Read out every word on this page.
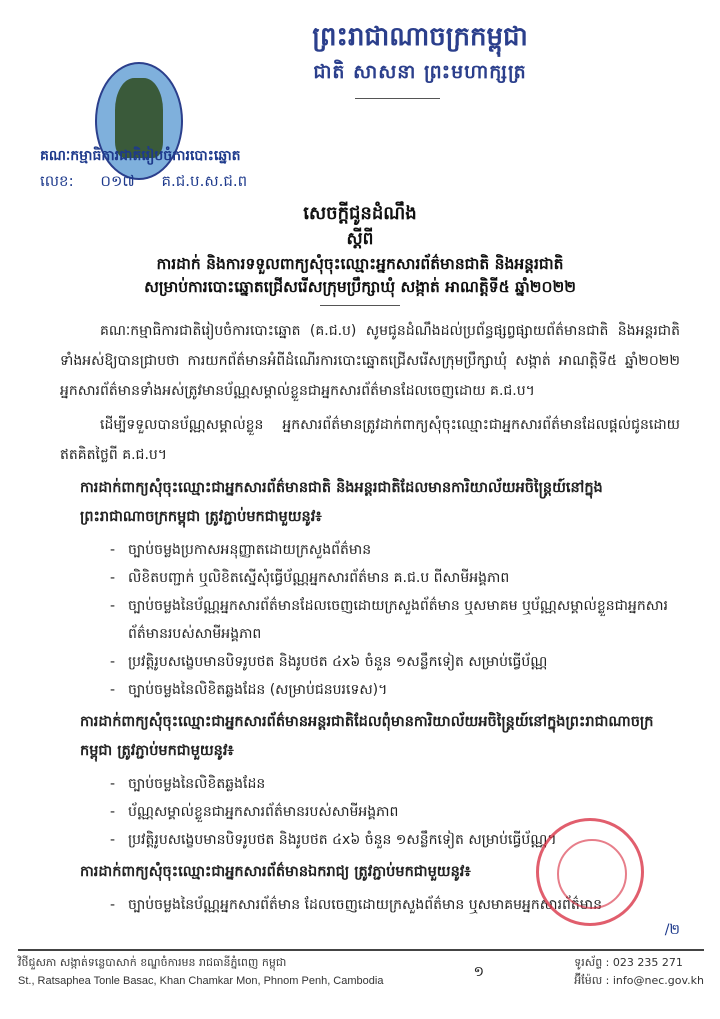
ព្រះរាជាណាចក្រកម្ពុជា
ជាតិ សាសនា ព្រះមហាក្សត្រ
គណៈកម្មាធិការជាតិរៀបចំការបោះឆ្នោត
លេខ: ០១៧ គ.ជ.ប.ស.ជ.ព
សេចក្តីជូនដំណឹង
ស្តីពី
ការដាក់ និងការទទួលពាក្យសុំចុះឈ្មោះអ្នកសារព័ត៌មានជាតិ និងអន្តរជាតិ
សម្រាប់ការបោះឆ្នោតជ្រើសរើសក្រុមប្រឹក្សាឃុំ សង្កាត់ អាណត្តិទី៥ ឆ្នាំ២០២២
គណៈកម្មាធិការជាតិរៀបចំការបោះឆ្នោត (គ.ជ.ប) សូមជូនដំណឹងដល់ប្រព័ន្ធផ្សព្វផ្សាយព័ត៌មានជាតិ និងអន្តរជាតិទាំងអស់ឱ្យបានជ្រាបថា ការយកព័ត៌មានអំពីដំណើរការបោះឆ្នោតជ្រើសរើសក្រុមប្រឹក្សាឃុំ សង្កាត់ អាណត្តិទី៥ ឆ្នាំ២០២២ អ្នកសារព័ត៌មានទាំងអស់ត្រូវមានប័ណ្ណសម្គាល់ខ្លួនជាអ្នកសារព័ត៌មានដែលចេញដោយ គ.ជ.ប។
ដើម្បីទទួលបានប័ណ្ណសម្គាល់ខ្លួន អ្នកសារព័ត៌មានត្រូវដាក់ពាក្យសុំចុះឈ្មោះជាអ្នកសារព័ត៌មានដែលផ្តល់ជូនដោយឥតគិតថ្លៃពី គ.ជ.ប។
ការដាក់ពាក្យសុំចុះឈ្មោះជាអ្នកសារព័ត៌មានជាតិ និងអន្តរជាតិដែលមានការិយាល័យអចិន្ត្រៃយ៍នៅក្នុងព្រះរាជាណាចក្រកម្ពុជា ត្រូវភ្ជាប់មកជាមួយនូវ៖
- ច្បាប់ចម្លងប្រកាសអនុញ្ញាតដោយក្រសួងព័ត៌មាន
- លិខិតបញ្ជាក់ ឬលិខិតស្នើសុំធ្វើប័ណ្ណអ្នកសារព័ត៌មាន គ.ជ.ប ពីសាមីអង្គភាព
- ច្បាប់ចម្លងនៃប័ណ្ណអ្នកសារព័ត៌មានដែលចេញដោយក្រសួងព័ត៌មាន ឬសមាគម ឬប័ណ្ណសម្គាល់ខ្លួនជាអ្នកសារព័ត៌មានរបស់សាមីអង្គភាព
- ប្រវត្តិរូបសង្ខេបមានបិទរូបថត និងរូបថត ៤x៦ ចំនួន ១សន្លឹកទៀត សម្រាប់ធ្វើប័ណ្ណ
- ច្បាប់ចម្លងនៃលិខិតឆ្លងដែន (សម្រាប់ជនបរទេស)។
ការដាក់ពាក្យសុំចុះឈ្មោះជាអ្នកសារព័ត៌មានអន្តរជាតិដែលពុំមានការិយាល័យអចិន្ត្រៃយ៍នៅក្នុងព្រះរាជាណាចក្រកម្ពុជា ត្រូវភ្ជាប់មកជាមួយនូវ៖
- ច្បាប់ចម្លងនៃលិខិតឆ្លងដែន
- ប័ណ្ណសម្គាល់ខ្លួនជាអ្នកសារព័ត៌មានរបស់សាមីអង្គភាព
- ប្រវត្តិរូបសង្ខេបមានបិទរូបថត និងរូបថត ៤x៦ ចំនួន ១សន្លឹកទៀត សម្រាប់ធ្វើប័ណ្ណ។
ការដាក់ពាក្យសុំចុះឈ្មោះជាអ្នកសារព័ត៌មានឯករាជ្យ ត្រូវភ្ជាប់មកជាមួយនូវ៖
- ច្បាប់ចម្លងនៃប័ណ្ណអ្នកសារព័ត៌មាន ដែលចេញដោយក្រសួងព័ត៌មាន ឬសមាគមអ្នកសារព័ត៌មាន
/២
វិថីជួសភា សង្កាត់ទន្លេបាសាក់ ខណ្ឌចំការមន រាជធានីភ្នំពេញ កម្ពុជា
St., Ratsaphea Tonle Basac, Khan Chamkar Mon, Phnom Penh, Cambodia
១
ទូរស័ព្ទ : 023 235 271
អ៊ីម៉ែល : info@nec.gov.kh
